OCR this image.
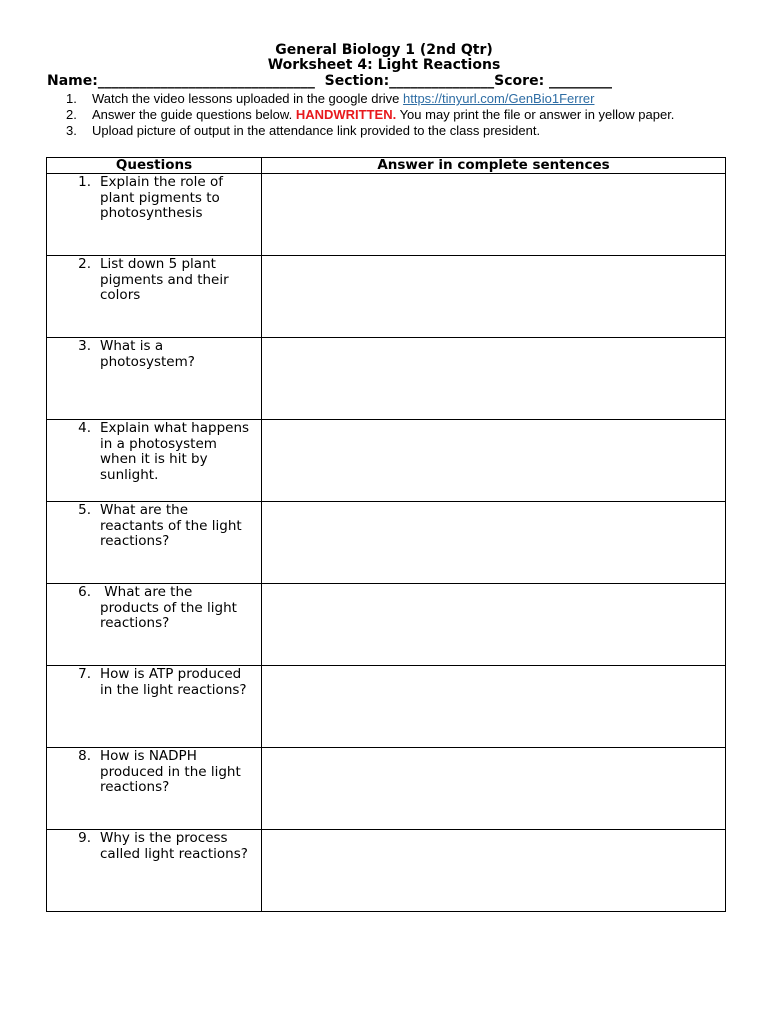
General Biology 1 (2nd Qtr)
Worksheet 4: Light Reactions
Name:_______________________________ Section:_______________Score: _________
1.	Watch the video lessons uploaded in the google drive https://tinyurl.com/GenBio1Ferrer
2.	Answer the guide questions below. HANDWRITTEN. You may print the file or answer in yellow paper.
3.	Upload picture of output in the attendance link provided to the class president.
Questions	Answer in complete sentences

1. Explain the role of plant pigments to photosynthesis	

2. List down 5 plant pigments and their colors	

3. What is a photosystem?	

4. Explain what happens in a photosystem when it is hit by sunlight.	

5. What are the reactants of the light reactions?	

6. What are the products of the light reactions?	

7. How is ATP produced in the light reactions?	

8. How is NADPH produced in the light reactions?	

9. Why is the process called light reactions?	
